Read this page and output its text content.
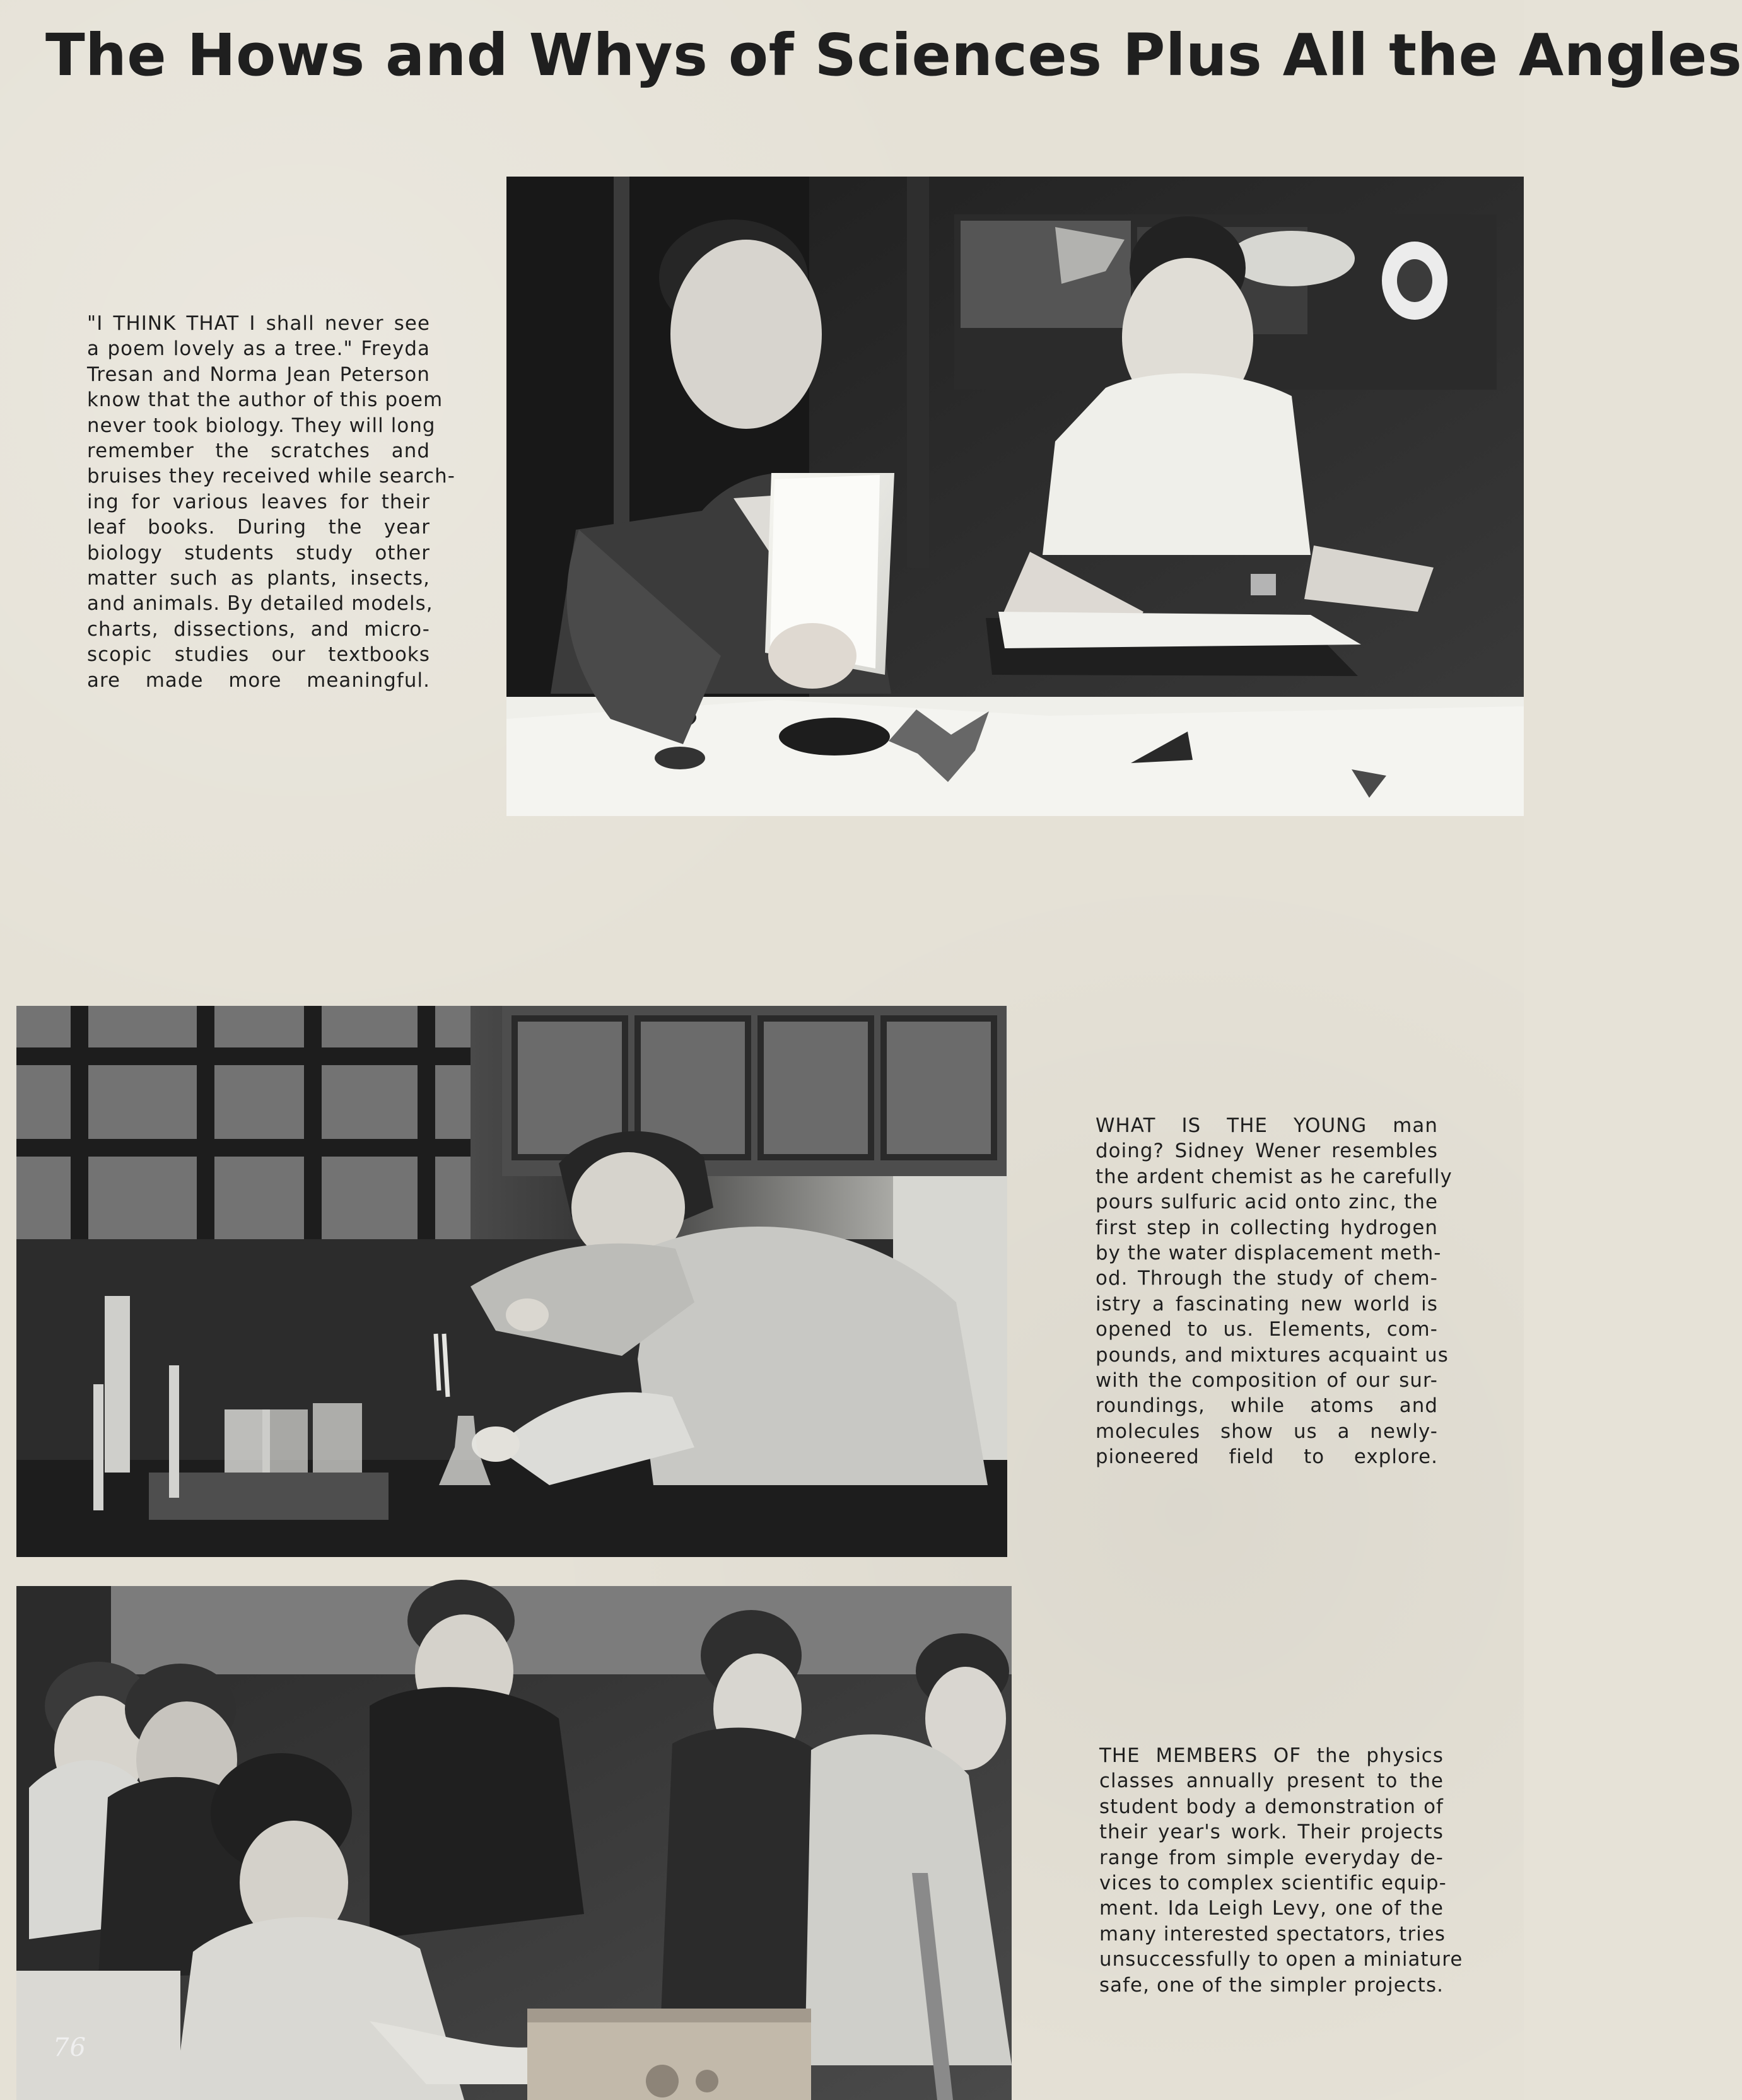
The Hows and Whys of Sciences Plus All the Angles

"I THINK THAT I shall never see
a poem lovely as a tree." Freyda
Tresan and Norma Jean Peterson
know that the author of this poem
never took biology. They will long
remember the scratches and
bruises they received while search-
ing for various leaves for their
leaf books. During the year
biology students study other
matter such as plants, insects,
and animals. By detailed models,
charts, dissections, and micro-
scopic studies our textbooks
are made more meaningful.

WHAT IS THE YOUNG man
doing? Sidney Wener resembles
the ardent chemist as he carefully
pours sulfuric acid onto zinc, the
first step in collecting hydrogen
by the water displacement meth-
od. Through the study of chem-
istry a fascinating new world is
opened to us. Elements, com-
pounds, and mixtures acquaint us
with the composition of our sur-
roundings, while atoms and
molecules show us a newly-
pioneered field to explore.

THE MEMBERS OF the physics
classes annually present to the
student body a demonstration of
their year's work. Their projects
range from simple everyday de-
vices to complex scientific equip-
ment. Ida Leigh Levy, one of the
many interested spectators, tries
unsuccessfully to open a miniature
safe, one of the simpler projects.

76
